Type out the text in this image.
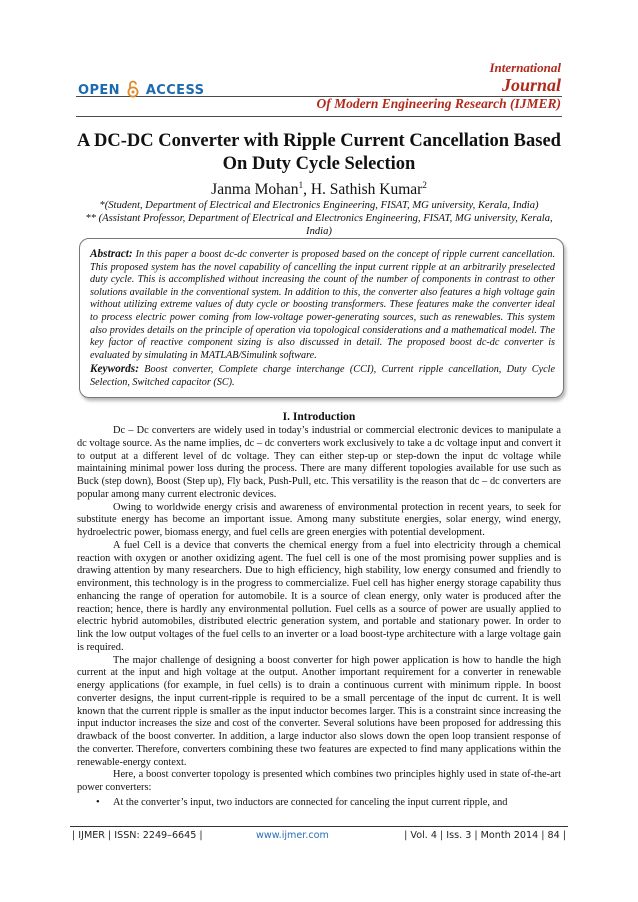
OPEN ACCESS
International
Journal
Of Modern Engineering Research (IJMER)
A DC-DC Converter with Ripple Current Cancellation Based On Duty Cycle Selection
Janma Mohan$^1$, H. Sathish Kumar$^2$
*(Student, Department of Electrical and Electronics Engineering, FISAT, MG university, Kerala, India)
** (Assistant Professor, Department of Electrical and Electronics Engineering, FISAT, MG university, Kerala, India)
Abstract: In this paper a boost dc-dc converter is proposed based on the concept of ripple current cancellation. This proposed system has the novel capability of cancelling the input current ripple at an arbitrarily preselected duty cycle. This is accomplished without increasing the count of the number of components in contrast to other solutions available in the conventional system. In addition to this, the converter also features a high voltage gain without utilizing extreme values of duty cycle or boosting transformers. These features make the converter ideal to process electric power coming from low-voltage power-generating sources, such as renewables. This system also provides details on the principle of operation via topological considerations and a mathematical model. The key factor of reactive component sizing is also discussed in detail. The proposed boost dc-dc converter is evaluated by simulating in MATLAB/Simulink software.
Keywords: Boost converter, Complete charge interchange (CCI), Current ripple cancellation, Duty Cycle Selection, Switched capacitor (SC).
I. Introduction

Dc – Dc converters are widely used in today’s industrial or commercial electronic devices to manipulate a dc voltage source. As the name implies, dc – dc converters work exclusively to take a dc voltage input and convert it to output at a different level of dc voltage. They can either step-up or step-down the input dc voltage while maintaining minimal power loss during the process. There are many different topologies available for use such as Buck (step down), Boost (Step up), Fly back, Push-Pull, etc. This versatility is the reason that dc – dc converters are popular among many current electronic devices.

Owing to worldwide energy crisis and awareness of environmental protection in recent years, to seek for substitute energy has become an important issue. Among many substitute energies, solar energy, wind energy, hydroelectric power, biomass energy, and fuel cells are green energies with potential development.

A fuel Cell is a device that converts the chemical energy from a fuel into electricity through a chemical reaction with oxygen or another oxidizing agent. The fuel cell is one of the most promising power supplies and is drawing attention by many researchers. Due to high efficiency, high stability, low energy consumed and friendly to environment, this technology is in the progress to commercialize. Fuel cell has higher energy storage capability thus enhancing the range of operation for automobile. It is a source of clean energy, only water is produced after the reaction; hence, there is hardly any environmental pollution. Fuel cells as a source of power are usually applied to electric hybrid automobiles, distributed electric generation system, and portable and stationary power. In order to link the low output voltages of the fuel cells to an inverter or a load boost-type architecture with a large voltage gain is required.

The major challenge of designing a boost converter for high power application is how to handle the high current at the input and high voltage at the output. Another important requirement for a converter in renewable energy applications (for example, in fuel cells) is to drain a continuous current with minimum ripple. In boost converter designs, the input current-ripple is required to be a small percentage of the input dc current. It is well known that the current ripple is smaller as the input inductor becomes larger. This is a constraint since increasing the input inductor increases the size and cost of the converter. Several solutions have been proposed for addressing this drawback of the boost converter. In addition, a large inductor also slows down the open loop transient response of the converter. Therefore, converters combining these two features are expected to find many applications within the renewable-energy context.

Here, a boost converter topology is presented which combines two principles highly used in state of-the-art power converters:

• At the converter’s input, two inductors are connected for canceling the input current ripple, and
| IJMER | ISSN: 2249–6645 |	www.ijmer.com	| Vol. 4 | Iss. 3 | Month 2014 | 84 |
